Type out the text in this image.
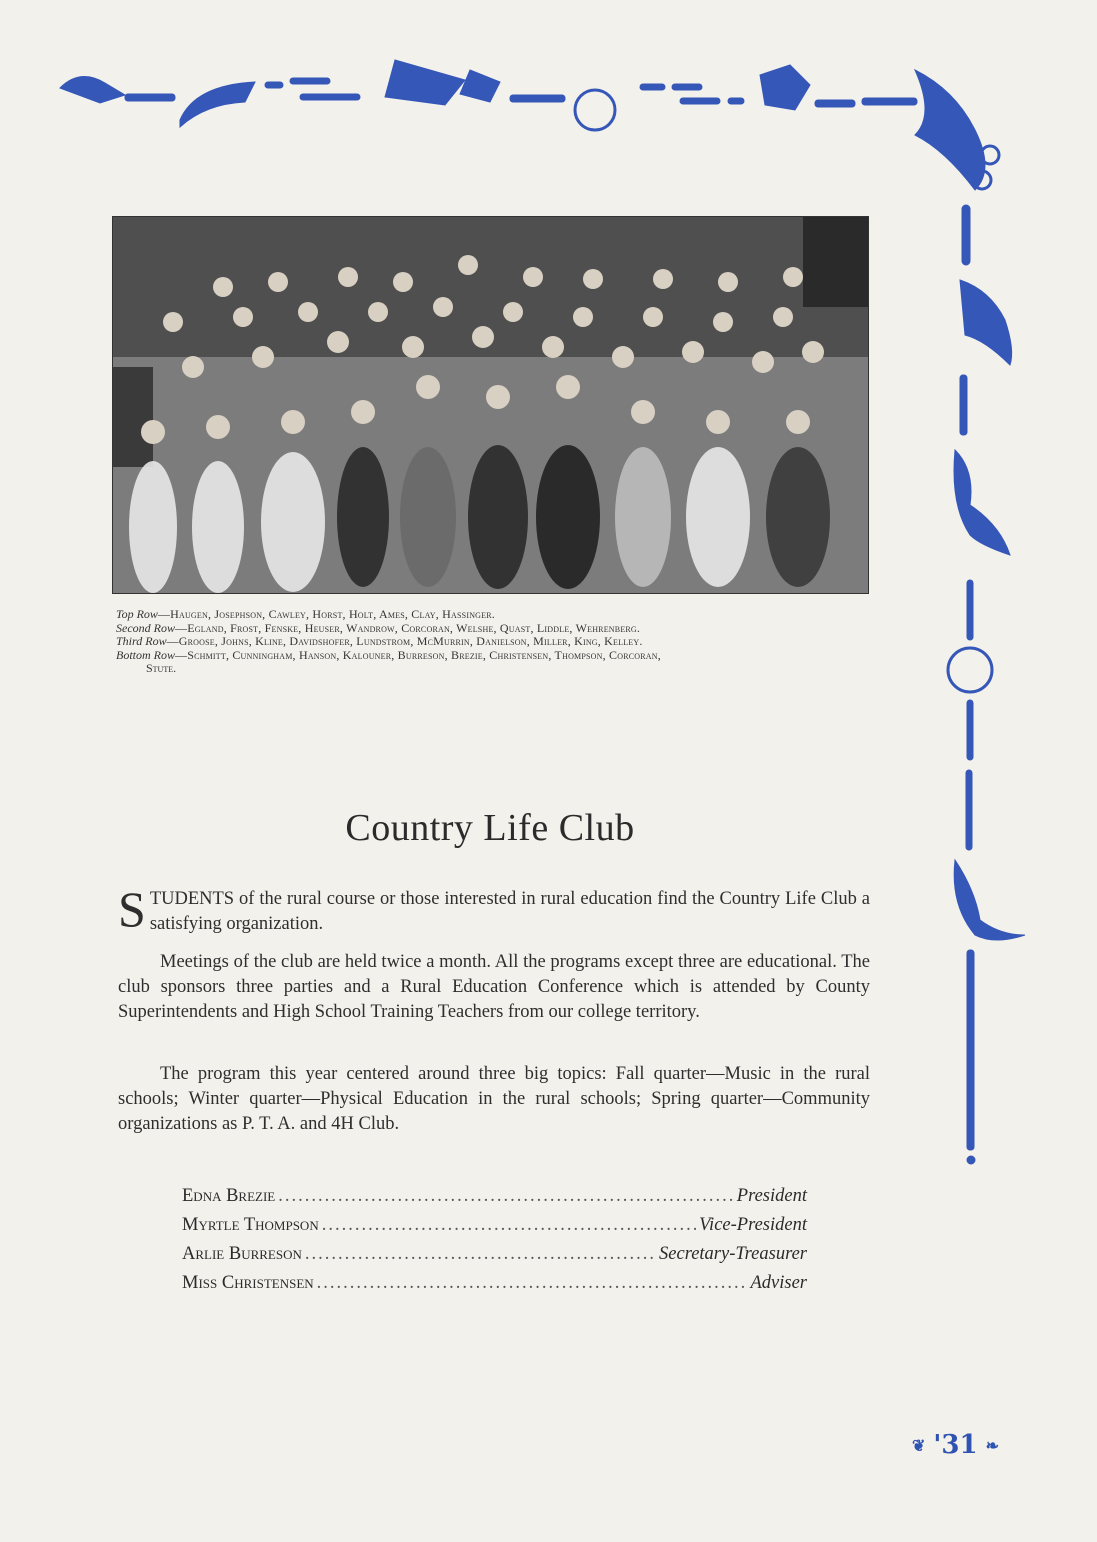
Top Row—Haugen, Josephson, Cawley, Horst, Holt, Ames, Clay, Hassinger.
Second Row—Egland, Frost, Fenske, Heuser, Wandrow, Corcoran, Welshe, Quast, Liddle, Wehrenberg.
Third Row—Groose, Johns, Kline, Davidshofer, Lundstrom, McMurrin, Danielson, Miller, King, Kelley.
Bottom Row—Schmitt, Cunningham, Hanson, Kalouner, Burreson, Brezie, Christensen, Thompson, Corcoran,
Stute.
Country Life Club
STUDENTS of the rural course or those interested in rural education find the Country Life Club a satisfying organization.
Meetings of the club are held twice a month. All the programs except three are educational. The club sponsors three parties and a Rural Education Conference which is attended by County Superintendents and High School Training Teachers from our college territory.
The program this year centered around three big topics: Fall quarter—Music in the rural schools; Winter quarter—Physical Education in the rural schools; Spring quarter—Community organizations as P. T. A. and 4H Club.
Edna Brezie .....	President
Myrtle Thompson .....	Vice-President
Arlie Burreson .....	Secretary-Treasurer
Miss Christensen .....	Adviser
❦ '31 ❧
